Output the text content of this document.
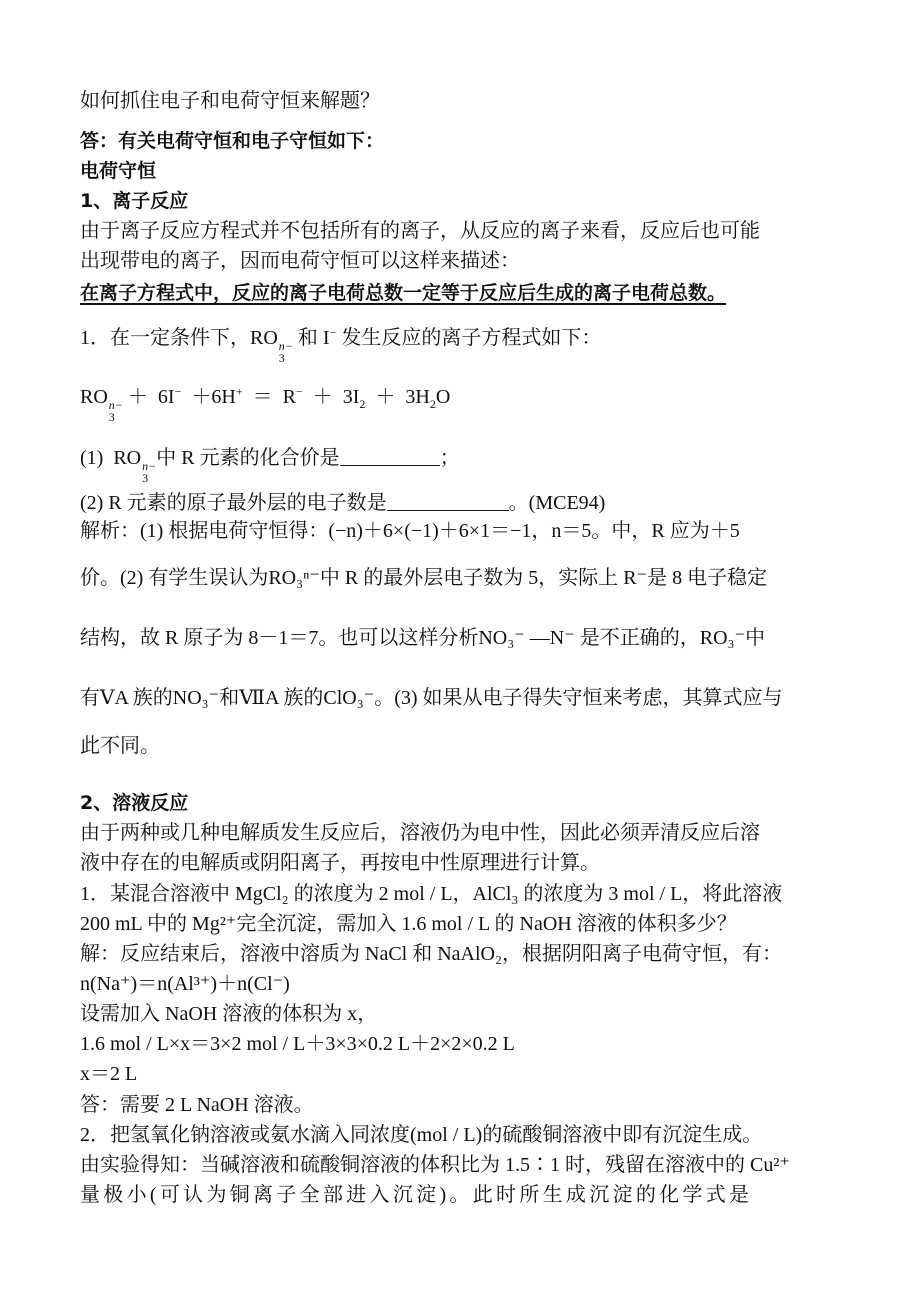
如何抓住电子和电荷守恒来解题？
答：有关电荷守恒和电子守恒如下：
电荷守恒
1、离子反应
由于离子反应方程式并不包括所有的离子，从反应的离子来看，反应后也可能
出现带电的离子，因而电荷守恒可以这样来描述：
在离子方程式中，反应的离子电荷总数一定等于反应后生成的离子电荷总数。
1．在一定条件下，RO n−
3
和 I− 发生反应的离子方程式如下：
RO n−
3
＋  $6I^- +6H^+ = R^- + 3I_2 + 3H_2O$
(1)  RO n−
3
中 R 元素的化合价是	；
(2) R 元素的原子最外层的电子数是	。(MCE94)
解析：(1) 根据电荷守恒得：(−n)＋6×(−1)＋6×1＝−1，n＝5。中，R 应为＋5
价。(2) 有学生误认为RO₃ⁿ⁻中 R 的最外层电子数为 5，实际上 R⁻是 8 电子稳定
结构，故 R 原子为 8－1＝7。也可以这样分析NO₃⁻ —N⁻ 是不正确的，RO₃⁻中
有ⅤA 族的NO₃⁻和ⅦA 族的ClO₃⁻。(3) 如果从电子得失守恒来考虑，其算式应与
此不同。
2、溶液反应
由于两种或几种电解质发生反应后，溶液仍为电中性，因此必须弄清反应后溶
液中存在的电解质或阴阳离子，再按电中性原理进行计算。
1．某混合溶液中 MgCl₂ 的浓度为 2 mol / L，AlCl₃ 的浓度为 3 mol / L，将此溶液
200 mL 中的 Mg²⁺完全沉淀，需加入 1.6 mol / L 的 NaOH 溶液的体积多少？
解：反应结束后，溶液中溶质为 NaCl 和 NaAlO₂，根据阴阳离子电荷守恒，有：
n(Na⁺)＝n(Al³⁺)＋n(Cl⁻)
设需加入 NaOH 溶液的体积为 x，
1.6 mol / L×x＝3×2 mol / L＋3×3×0.2 L＋2×2×0.2 L
x＝2 L
答：需要 2 L NaOH 溶液。
2．把氢氧化钠溶液或氨水滴入同浓度(mol / L)的硫酸铜溶液中即有沉淀生成。
由实验得知：当碱溶液和硫酸铜溶液的体积比为 1.5∶1 时，残留在溶液中的 Cu²⁺
量极小(可认为铜离子全部进入沉淀)。此时所生成沉淀的化学式是
